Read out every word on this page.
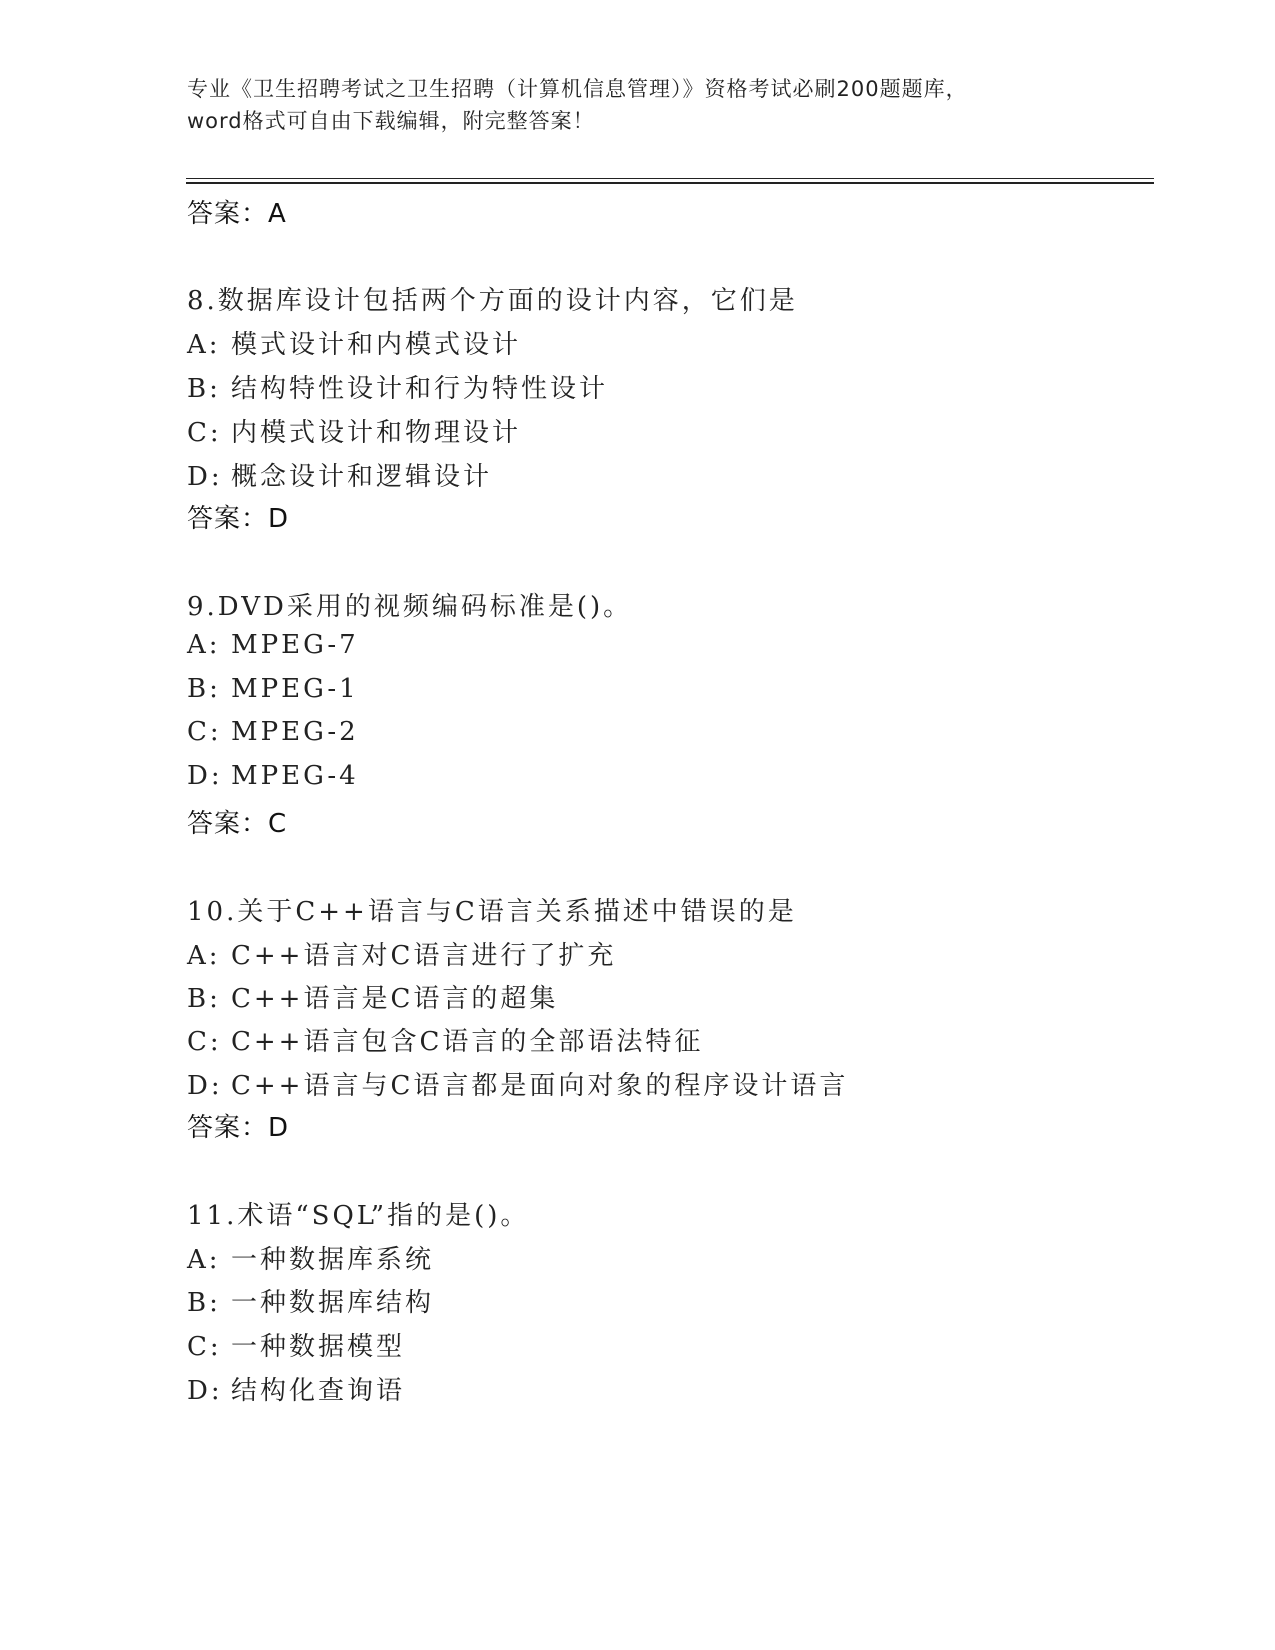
专业《卫生招聘考试之卫生招聘（计算机信息管理）》资格考试必刷200题题库，
word格式可自由下载编辑，附完整答案！
答案：A
8.数据库设计包括两个方面的设计内容，它们是
A: 模式设计和内模式设计
B: 结构特性设计和行为特性设计
C: 内模式设计和物理设计
D: 概念设计和逻辑设计
答案：D
9.DVD采用的视频编码标准是()。
A: MPEG-7
B: MPEG-1
C: MPEG-2
D: MPEG-4
答案：C
10.关于C++语言与C语言关系描述中错误的是
A: C++语言对C语言进行了扩充
B: C++语言是C语言的超集
C: C++语言包含C语言的全部语法特征
D: C++语言与C语言都是面向对象的程序设计语言
答案：D
11.术语“SQL”指的是()。
A: 一种数据库系统
B: 一种数据库结构
C: 一种数据模型
D: 结构化查询语
